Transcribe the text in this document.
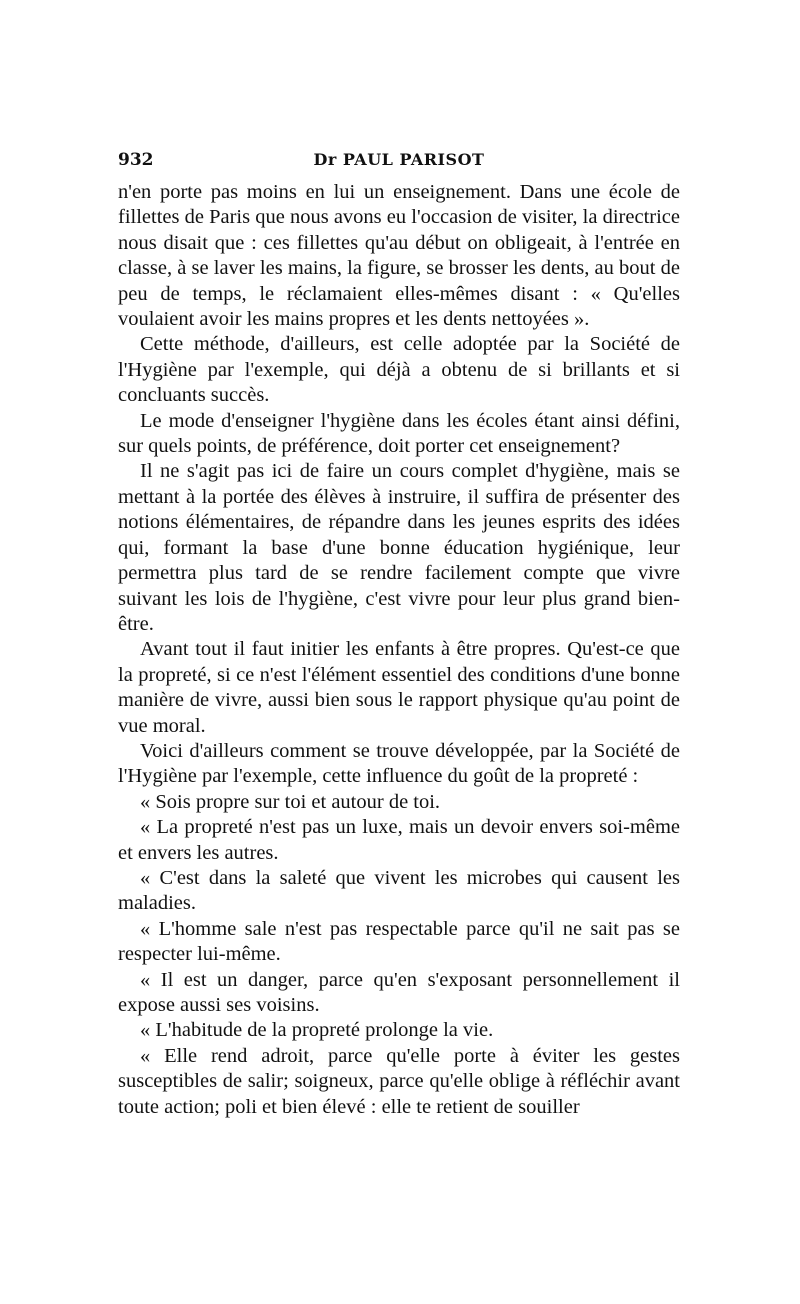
932	Dr PAUL PARISOT

n'en porte pas moins en lui un enseignement. Dans une école de fillettes de Paris que nous avons eu l'occasion de visiter, la directrice nous disait que : ces fillettes qu'au début on obligeait, à l'entrée en classe, à se laver les mains, la figure, se brosser les dents, au bout de peu de temps, le réclamaient elles-mêmes disant : « Qu'elles voulaient avoir les mains propres et les dents nettoyées ».

Cette méthode, d'ailleurs, est celle adoptée par la Société de l'Hygiène par l'exemple, qui déjà a obtenu de si brillants et si concluants succès.

Le mode d'enseigner l'hygiène dans les écoles étant ainsi défini, sur quels points, de préférence, doit porter cet enseignement?

Il ne s'agit pas ici de faire un cours complet d'hygiène, mais se mettant à la portée des élèves à instruire, il suffira de présenter des notions élémentaires, de répandre dans les jeunes esprits des idées qui, formant la base d'une bonne éducation hygiénique, leur permettra plus tard de se rendre facilement compte que vivre suivant les lois de l'hygiène, c'est vivre pour leur plus grand bien-être.

Avant tout il faut initier les enfants à être propres. Qu'est-ce que la propreté, si ce n'est l'élément essentiel des conditions d'une bonne manière de vivre, aussi bien sous le rapport physique qu'au point de vue moral.

Voici d'ailleurs comment se trouve développée, par la Société de l'Hygiène par l'exemple, cette influence du goût de la propreté :

« Sois propre sur toi et autour de toi.

« La propreté n'est pas un luxe, mais un devoir envers soi-même et envers les autres.

« C'est dans la saleté que vivent les microbes qui causent les maladies.

« L'homme sale n'est pas respectable parce qu'il ne sait pas se respecter lui-même.

« Il est un danger, parce qu'en s'exposant personnellement il expose aussi ses voisins.

« L'habitude de la propreté prolonge la vie.

« Elle rend adroit, parce qu'elle porte à éviter les gestes susceptibles de salir; soigneux, parce qu'elle oblige à réfléchir avant toute action; poli et bien élevé : elle te retient de souiller
